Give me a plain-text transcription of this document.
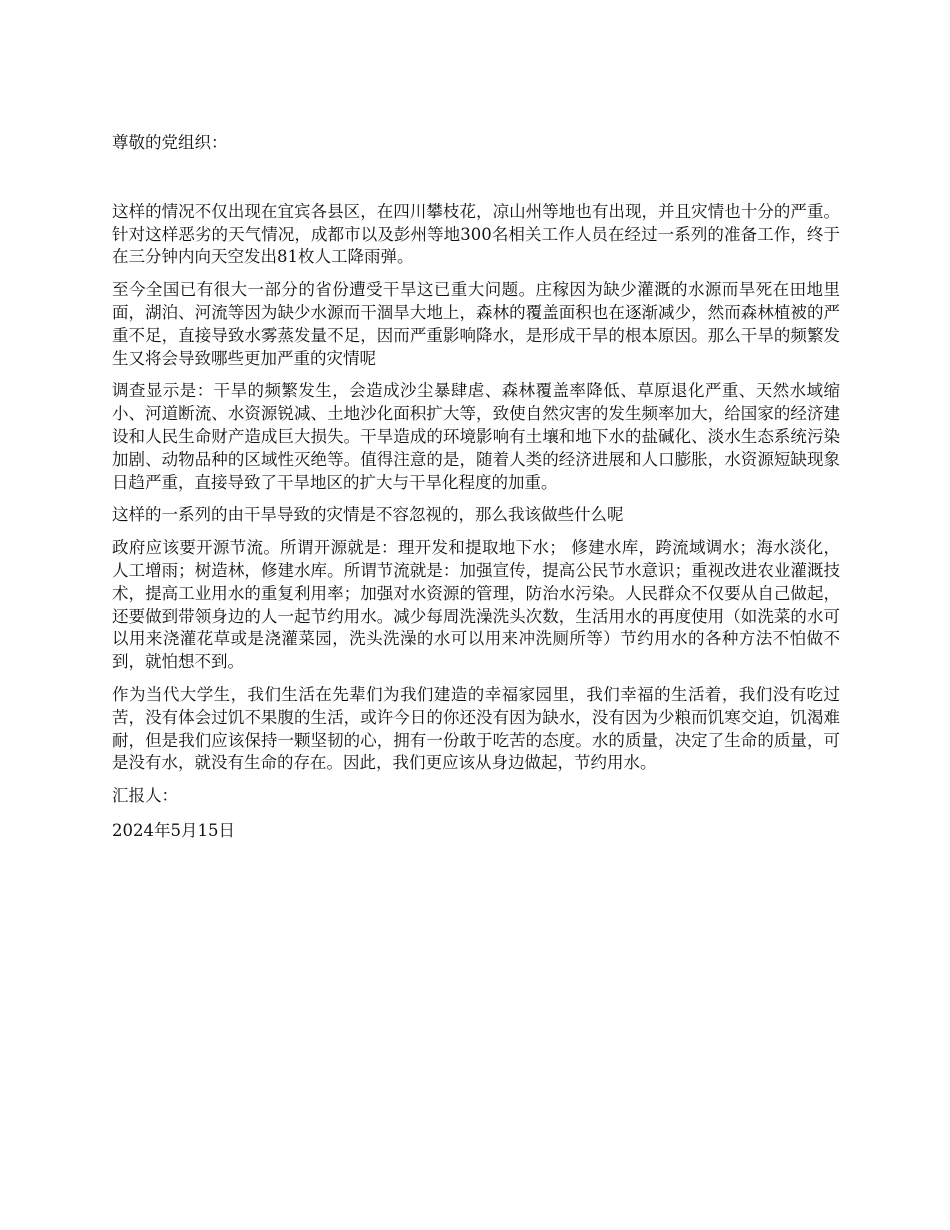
尊敬的党组织：

这样的情况不仅出现在宜宾各县区，在四川攀枝花，凉山州等地也有出现，并且灾情也十分的严重。针对这样恶劣的天气情况，成都市以及彭州等地300名相关工作人员在经过一系列的准备工作，终于在三分钟内向天空发出81枚人工降雨弹。

至今全国已有很大一部分的省份遭受干旱这已重大问题。庄稼因为缺少灌溉的水源而旱死在田地里面，湖泊、河流等因为缺少水源而干涸旱大地上，森林的覆盖面积也在逐渐减少，然而森林植被的严重不足，直接导致水雾蒸发量不足，因而严重影响降水，是形成干旱的根本原因。那么干旱的频繁发生又将会导致哪些更加严重的灾情呢

调查显示是：干旱的频繁发生，会造成沙尘暴肆虐、森林覆盖率降低、草原退化严重、天然水域缩小、河道断流、水资源锐减、土地沙化面积扩大等，致使自然灾害的发生频率加大，给国家的经济建设和人民生命财产造成巨大损失。干旱造成的环境影响有土壤和地下水的盐碱化、淡水生态系统污染加剧、动物品种的区域性灭绝等。值得注意的是，随着人类的经济进展和人口膨胀，水资源短缺现象日趋严重，直接导致了干旱地区的扩大与干旱化程度的加重。

这样的一系列的由干旱导致的灾情是不容忽视的，那么我该做些什么呢

政府应该要开源节流。所谓开源就是：理开发和提取地下水； 修建水库，跨流域调水；海水淡化，人工增雨；树造林，修建水库。所谓节流就是：加强宣传，提高公民节水意识；重视改进农业灌溉技术，提高工业用水的重复利用率；加强对水资源的管理，防治水污染。人民群众不仅要从自己做起，还要做到带领身边的人一起节约用水。减少每周洗澡洗头次数，生活用水的再度使用（如洗菜的水可以用来浇灌花草或是浇灌菜园，洗头洗澡的水可以用来冲洗厕所等）节约用水的各种方法不怕做不到，就怕想不到。

作为当代大学生，我们生活在先辈们为我们建造的幸福家园里，我们幸福的生活着，我们没有吃过苦，没有体会过饥不果腹的生活，或许今日的你还没有因为缺水，没有因为少粮而饥寒交迫，饥渴难耐，但是我们应该保持一颗坚韧的心，拥有一份敢于吃苦的态度。水的质量，决定了生命的质量，可是没有水，就没有生命的存在。因此，我们更应该从身边做起，节约用水。

汇报人：

2024年5月15日
